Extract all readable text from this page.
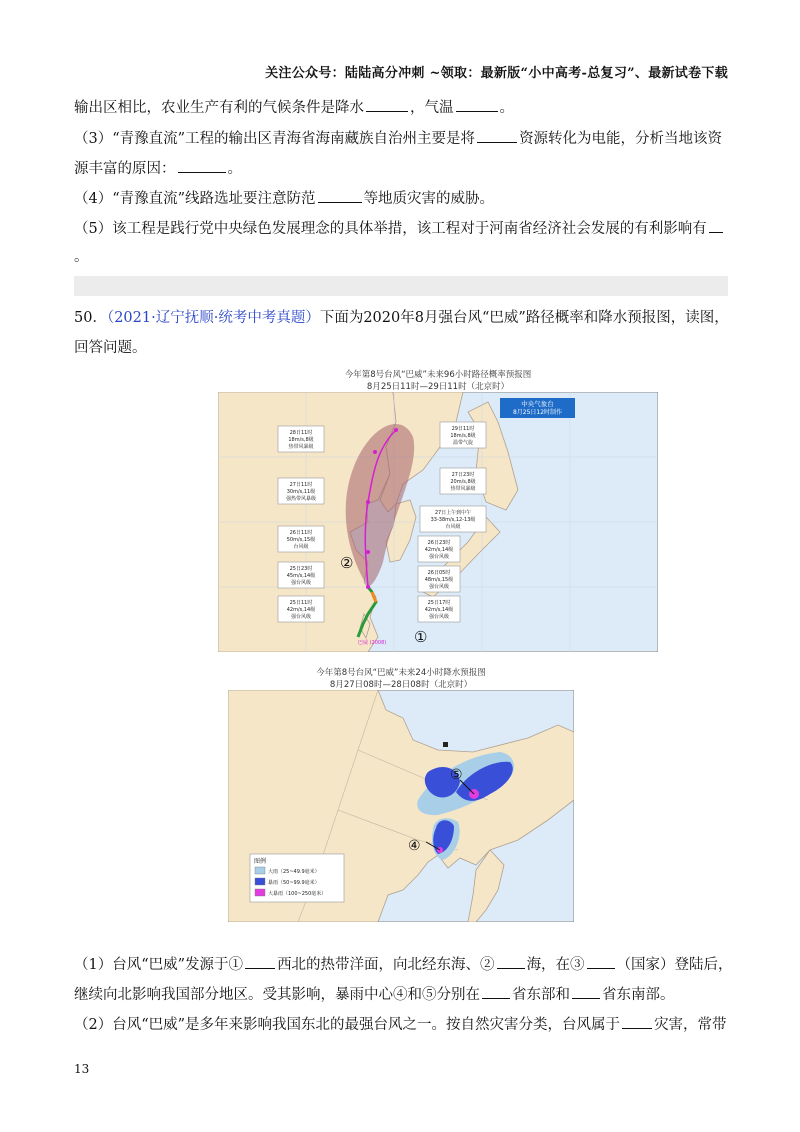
关注公众号：陆陆高分冲刺 ~领取：最新版“小中高考-总复习”、最新试卷下载
输出区相比，农业生产有利的气候条件是降水	，气温	。
（3）“青豫直流”工程的输出区青海省海南藏族自治州主要是将	资源转化为电能，分析当地该资
源丰富的原因：	。
（4）“青豫直流”线路选址要注意防范	等地质灾害的威胁。
（5）该工程是践行党中央绿色发展理念的具体举措，该工程对于河南省经济社会发展的有利影响有
。
50．（2021·辽宁抚顺·统考中考真题）下面为2020年8月强台风“巴威”路径概率和降水预报图，读图，
回答问题。
今年第8号台风“巴威”未来96小时路径概率预报图
8月25日11时—29日11时（北京时）
中央气象台
8月25日12时制作
28日11时
18m/s,8级
热带风暴级
27日11时
30m/s,11级
强热带风暴级
26日11时
50m/s,15级
台风级
25日23时
45m/s,14级
强台风级
25日11时
42m/s,14级
强台风级
29日11时
18m/s,8级
温带气旋
27日23时
20m/s,8级
热带风暴级
27日上午到中午
33-38m/s,12-13级
台风级
26日23时
42m/s,14级
强台风级
26日05时
48m/s,15级
强台风级
25日17时
42m/s,14级
强台风级
巴威 (2008)
②
①
今年第8号台风“巴威”未来24小时降水预报图
8月27日08时—28日08时（北京时）
⑤
④
图例
大雨（25~49.9毫米）
暴雨（50~99.9毫米）
大暴雨（100~250毫米）
（1）台风“巴威”发源于① 西北的热带洋面，向北经东海、② 海，在③ （国家）登陆后，
继续向北影响我国部分地区。受其影响，暴雨中心④和⑤分别在 省东部和 省东南部。
（2）台风“巴威”是多年来影响我国东北的最强台风之一。按自然灾害分类，台风属于 灾害，常带
13
